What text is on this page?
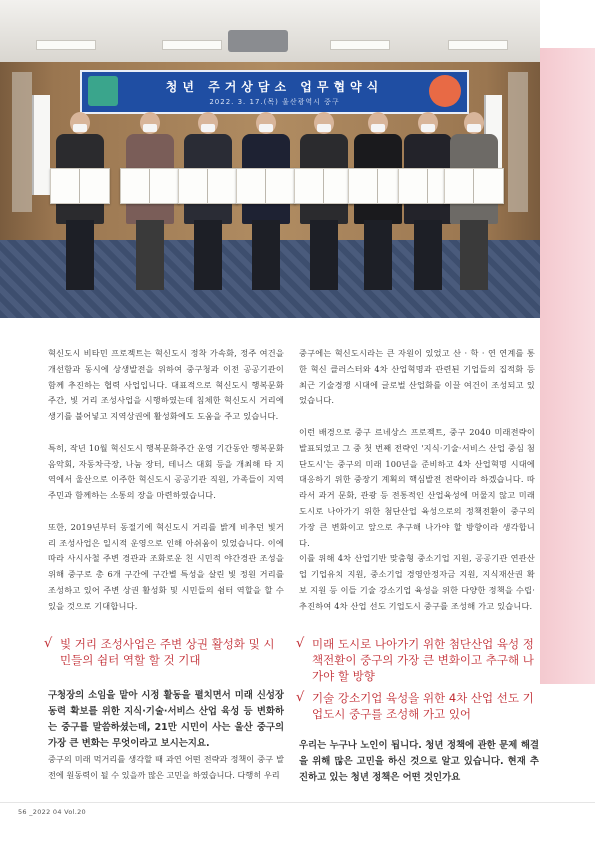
청년 주거상담소 업무협약식
2022. 3. 17.(목) 울산광역시 중구

혁신도시 비타민 프로젝트는 혁신도시 정착 가속화, 정주 여건을 개선함과 동시에 상생발전을 위하여 중구청과 이전 공공기관이 함께 추진하는 협력 사업입니다. 대표적으로 혁신도시 행복문화주간, 빛 거리 조성사업을 시행하였는데 침체한 혁신도시 거리에 생기를 불어넣고 지역상권에 활성화에도 도움을 주고 있습니다.

특히, 작년 10월 혁신도시 행복문화주간 운영 기간동안 행복문화 음악회, 자동차극장, 나눔 장터, 테니스 대회 등을 개최해 타 지역에서 울산으로 이주한 혁신도시 공공기관 직원, 가족들이 지역주민과 함께하는 소통의 장을 마련하였습니다.

또한, 2019년부터 동절기에 혁신도시 거리를 밝게 비추던 빛거리 조성사업은 일시적 운영으로 인해 아쉬움이 있었습니다. 이에 따라 사시사철 주변 경관과 조화로운 친 시민적 야간경관 조성을 위해 중구로 총 6개 구간에 구간별 특성을 살린 빛 정원 거리를 조성하고 있어 주변 상권 활성화 및 시민들의 쉼터 역할을 할 수 있을 것으로 기대합니다.

√ 빛 거리 조성사업은 주변 상권 활성화 및 시민들의 쉼터 역할 할 것 기대
구청장의 소임을 맡아 시정 활동을 펼치면서 미래 신성장 동력 확보를 위한 지식·기술·서비스 산업 육성 등 변화하는 중구를 말씀하셨는데, 21만 시민이 사는 울산 중구의 가장 큰 변화는 무엇이라고 보시는지요.
중구의 미래 먹거리를 생각할 때 과연 어떤 전략과 정책이 중구 발전에 원동력이 될 수 있을까 많은 고민을 하였습니다. 다행히 우리

중구에는 혁신도시라는 큰 자원이 있었고 산 · 학 · 연 연계를 통한 혁신 클러스터와 4차 산업혁명과 관련된 기업들의 집적화 등 최근 기술경쟁 시대에 글로벌 산업화를 이끌 여건이 조성되고 있었습니다.

이런 배경으로 중구 르네상스 프로젝트, 중구 2040 미래전략이 발표되었고 그 중 첫 번째 전략인 '지식·기술·서비스 산업 중심 첨단도시'는 중구의 미래 100년을 준비하고 4차 산업혁명 시대에 대응하기 위한 중장기 계획의 핵심발전 전략이라 하겠습니다. 따라서 과거 문화, 관광 등 전통적인 산업육성에 머물지 않고 미래 도시로 나아가기 위한 첨단산업 육성으로의 정책전환이 중구의 가장 큰 변화이고 앞으로 추구해 나가야 할 방향이라 생각합니다.

이를 위해 4차 산업기반 맞춤형 중소기업 지원, 공공기관 연관산업 기업유치 지원, 중소기업 경영안정자금 지원, 지식재산권 확보 지원 등 이들 기술 강소기업 육성을 위한 다양한 정책을 수립·추진하여 4차 산업 선도 기업도시 중구를 조성해 가고 있습니다.

√ 미래 도시로 나아가기 위한 첨단산업 육성 정책전환이 중구의 가장 큰 변화이고 추구해 나가야 할 방향
√ 기술 강소기업 육성을 위한 4차 산업 선도 기업도시 중구를 조성해 가고 있어
우리는 누구나 노인이 됩니다. 청년 정책에 관한 문제 해결을 위해 많은 고민을 하신 것으로 알고 있습니다. 현재 추진하고 있는 청년 정책은 어떤 것인가요
56 _2022 04 Vol.20
